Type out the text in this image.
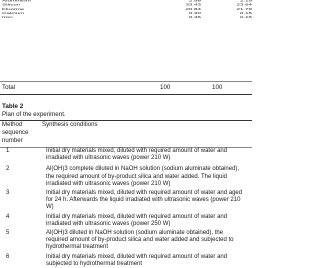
Aluminium	2.98	2.19
Silicon	33.43	23.64
Fluorine	20.84	21.79
Calcium	0.30	0.15
Iron	0.46	0.16
Total	100	100
Table 2
Plan of the experiment.
Method sequence number
Synthesis conditions
1	Initial dry materials mixed, diluted with required amount of water and irradiated with ultrasonic waves (power 210 W)
2	Al(OH)3 complete diluted in NaOH solution (sodium aluminate obtained), the required amount of by-product silica and water added. The liquid irradiated with ultrasonic waves (power 210 W)
3	Initial dry materials mixed, diluted with required amount of water and aged for 24 h. Afterwards the liquid irradiated with ultrasonic waves (power 210 W)
4	Initial dry materials mixed, diluted with required amount of water and irradiated with ultrasonic waves (power 250 W)
5	Al(OH)3 diluted in NaOH solution (sodium aluminate obtained), the required amount of by-product silica and water added and subjected to hydrothermal treatment
6	Initial dry materials mixed, diluted with required amount of water and subjected to hydrothermal treatment
